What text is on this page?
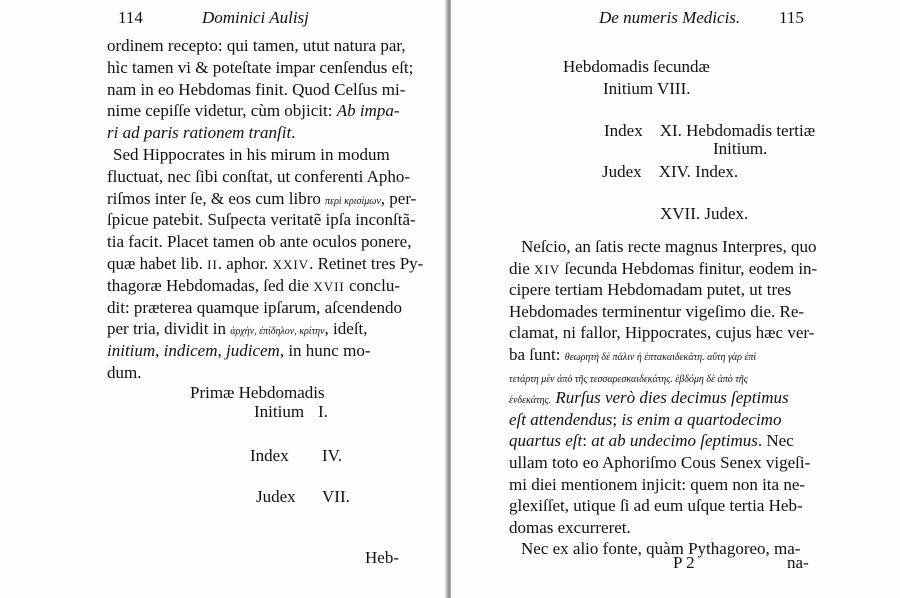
114	Dominici Aulisj
ordinem recepto: qui tamen, utut natura par,
hìc tamen vi & poteſtate impar cenſendus eſt;
nam in eo Hebdomas finit. Quod Celſus mi-
nime cepiſſe videtur, cùm objicit: Ab impa-
ri ad paris rationem tranſit.
Sed Hippocrates in his mirum in modum
fluctuat, nec ſibi conſtat, ut conferenti Apho-
riſmos inter ſe, & eos cum libro περὶ κρισίμων, per-
ſpicue patebit. Suſpecta veritatẽ ipſa inconſtã-
tia facit. Placet tamen ob ante oculos ponere,
quæ habet lib. II. aphor. XXIV. Retinet tres Py-
thagoræ Hebdomadas, ſed die XVII conclu-
dit: præterea quamque ipſarum, aſcendendo
per tria, dividit in ἀρχὴν, ἐπίδηλον, κρίτην, ideſt,
initium, indicem, judicem, in hunc mo-
dum.
Primæ Hebdomadis
Initium I.
Index IV.
Judex VII.
Heb-
De numeris Medicis. 115
Hebdomadis ſecundæ
Initium VIII.
Index    XI. Hebdomadis tertiæ
Initium.
Judex    XIV. Index.
XVII. Judex.
Neſcio, an ſatis recte magnus Interpres, quo
die XIV ſecunda Hebdomas finitur, eodem in-
cipere tertiam Hebdomadam putet, ut tres
Hebdomades terminentur vigeſimo die. Re-
clamat, ni fallor, Hippocrates, cujus hæc ver-
ba ſunt: θεωρητὴ δὲ πάλιν ἡ ἑπτακαιδεκάτη. αὕτη γὰρ ἐπὶ
τετάρτη μὲν ἀπὸ τῆς τεσσαρεσκαιδεκάτης. ἑβδόμη δὲ ἀπὸ τῆς
ἑνδεκάτης. Rurſus verò dies decimus ſeptimus
eſt attendendus; is enim a quartodecimo
quartus eſt: at ab undecimo ſeptimus. Nec
ullam toto eo Aphoriſmo Cous Senex vigeſi-
mi diei mentionem injicit: quem non ita ne-
glexiſſet, utique ſi ad eum uſque tertia Heb-
domas excurreret.
Nec ex alio fonte, quàm Pythagoreo, ma-
P 2	na-
